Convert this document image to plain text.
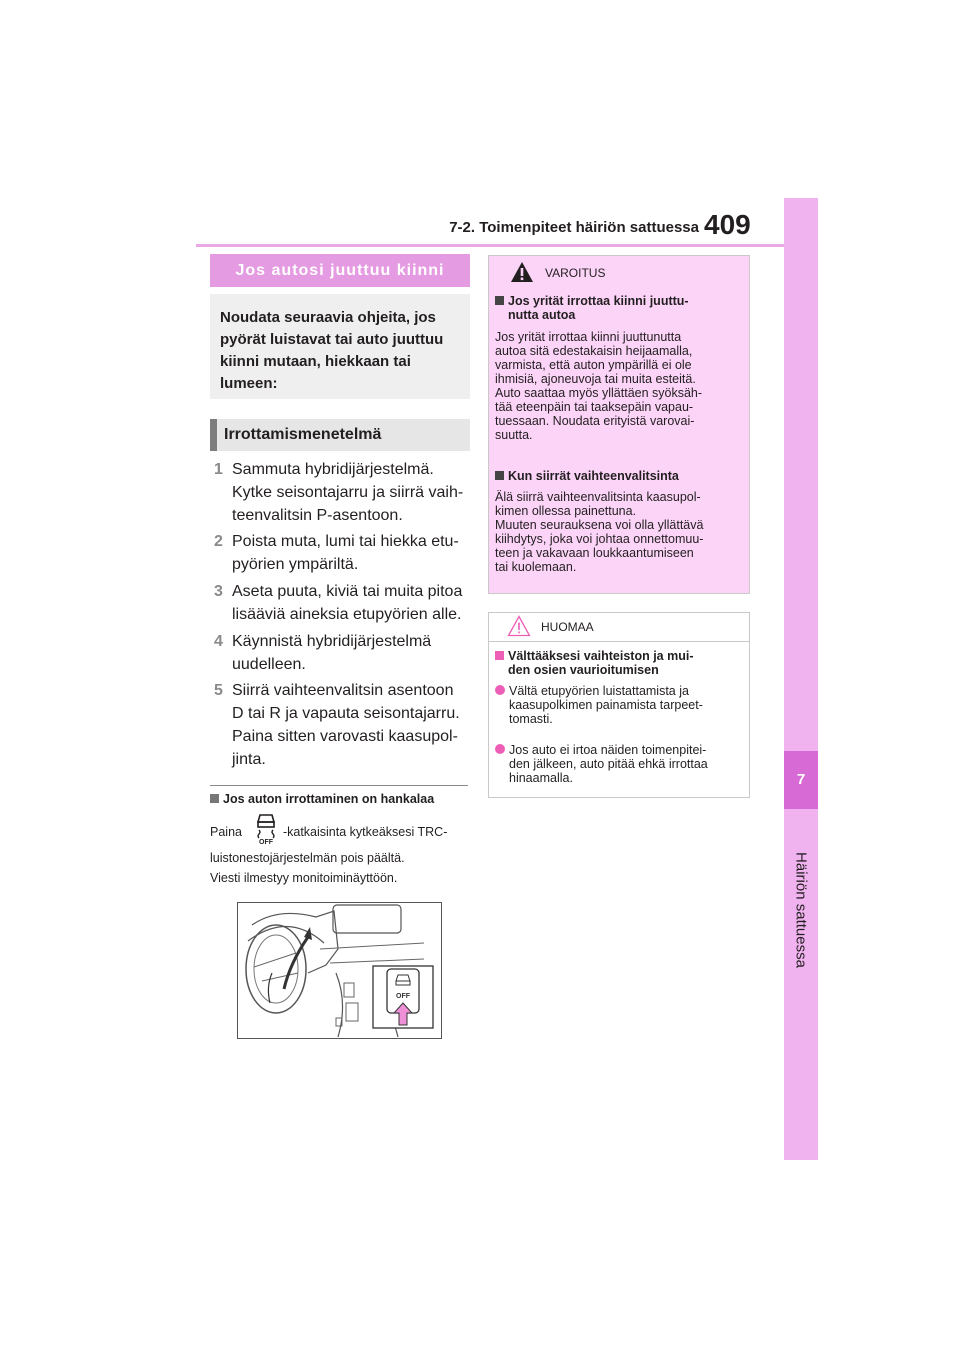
7-2. Toimenpiteet häiriön sattuessa 409
7
Häiriön sattuessa
Jos autosi juuttuu kiinni
Noudata seuraavia ohjeita, jos
pyörät luistavat tai auto juuttuu
kiinni mutaan, hiekkaan tai
lumeen:
Irrottamismenetelmä
1 Sammuta hybridijärjestelmä.
Kytke seisontajarru ja siirrä vaih-
teenvalitsin P-asentoon.
2 Poista muta, lumi tai hiekka etu-
pyörien ympäriltä.
3 Aseta puuta, kiviä tai muita pitoa
lisääviä aineksia etupyörien alle.
4 Käynnistä hybridijärjestelmä
uudelleen.
5 Siirrä vaihteenvalitsin asentoon
D tai R ja vapauta seisontajarru.
Paina sitten varovasti kaasupol-
jinta.
Jos auton irrottaminen on hankalaa
Paina	-katkaisinta kytkeäksesi TRC-
OFF
luistonestojärjestelmän pois päältä.
Viesti ilmestyy monitoiminäyttöön.
OFF
VAROITUS
Jos yrität irrottaa kiinni juuttu-
nutta autoa
Jos yrität irrottaa kiinni juuttunutta
autoa sitä edestakaisin heijaamalla,
varmista, että auton ympärillä ei ole
ihmisiä, ajoneuvoja tai muita esteitä.
Auto saattaa myös yllättäen syöksäh-
tää eteenpäin tai taaksepäin vapau-
tuessaan. Noudata erityistä varovai-
suutta.
Kun siirrät vaihteenvalitsinta
Älä siirrä vaihteenvalitsinta kaasupol-
kimen ollessa painettuna.
Muuten seurauksena voi olla yllättävä
kiihdytys, joka voi johtaa onnettomuu-
teen ja vakavaan loukkaantumiseen
tai kuolemaan.
HUOMAA
Välttääksesi vaihteiston ja mui-
den osien vaurioitumisen
Vältä etupyörien luistattamista ja
kaasupolkimen painamista tarpeet-
tomasti.
Jos auto ei irtoa näiden toimenpitei-
den jälkeen, auto pitää ehkä irrottaa
hinaamalla.
